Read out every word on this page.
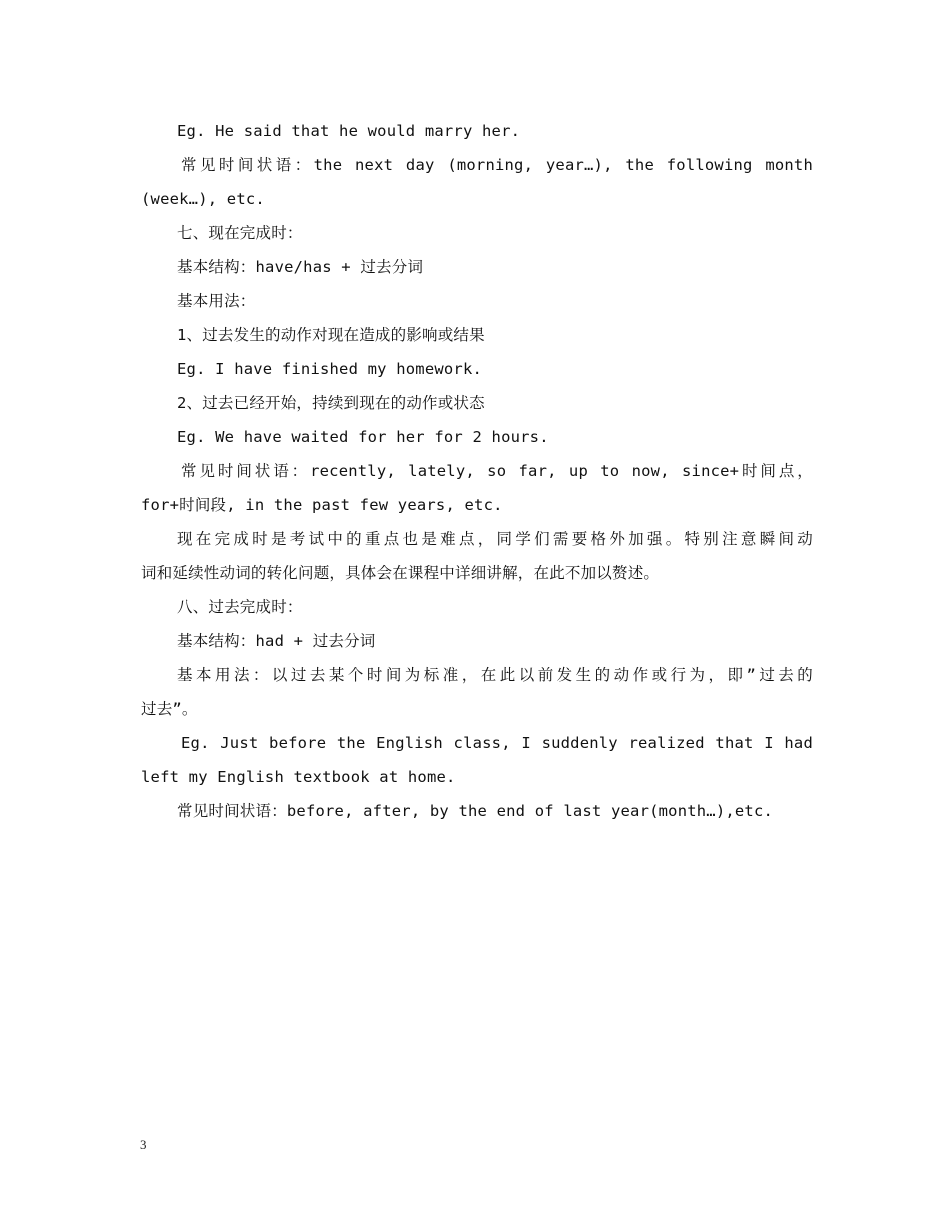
Eg. He said that he would marry her.
常见时间状语：the next day (morning, year…), the following month
(week…), etc.
七、现在完成时：
基本结构：have/has + 过去分词
基本用法：
1、过去发生的动作对现在造成的影响或结果
Eg. I have finished my homework.
2、过去已经开始，持续到现在的动作或状态
Eg. We have waited for her for 2 hours.
常见时间状语：recently, lately, so far, up to now, since+时间点，
for+时间段, in the past few years, etc.
现在完成时是考试中的重点也是难点，同学们需要格外加强。特别注意瞬间动
词和延续性动词的转化问题，具体会在课程中详细讲解，在此不加以赘述。
八、过去完成时：
基本结构：had + 过去分词
基本用法：以过去某个时间为标准，在此以前发生的动作或行为，即”过去的
过去”。
Eg. Just before the English class, I suddenly realized that I had
left my English textbook at home.
常见时间状语：before, after, by the end of last year(month…),etc.
3
